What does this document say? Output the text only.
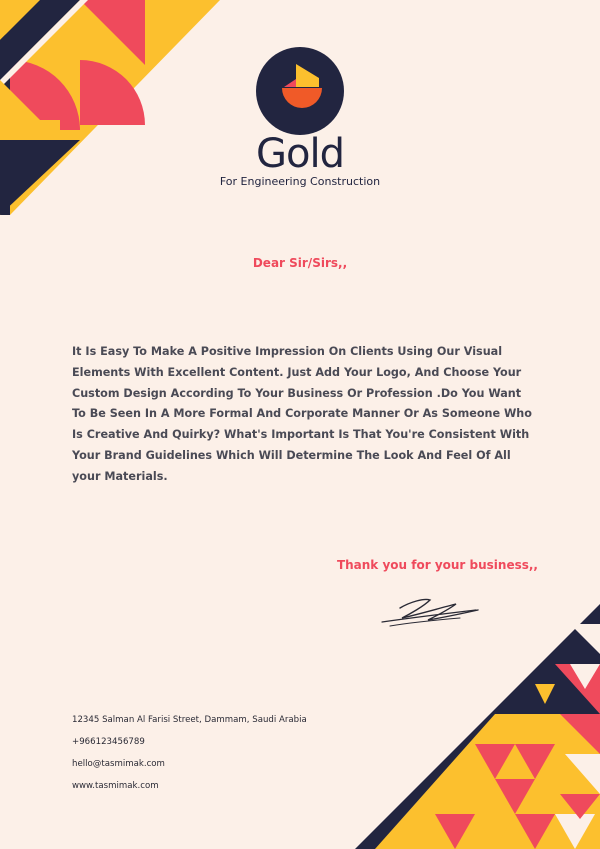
Gold
For Engineering Construction
Dear Sir/Sirs,,

It Is Easy To Make A Positive Impression On Clients Using Our Visual Elements With Excellent Content. Just Add Your Logo, And Choose Your Custom Design According To Your Business Or Profession .Do You Want To Be Seen In A More Formal And Corporate Manner Or As Someone Who Is Creative And Quirky? What's Important Is That You're Consistent With Your Brand Guidelines Which Will Determine The Look And Feel Of All your Materials.

Thank you for your business,,
12345 Salman Al Farisi Street, Dammam, Saudi Arabia
+966123456789
hello@tasmimak.com
www.tasmimak.com
